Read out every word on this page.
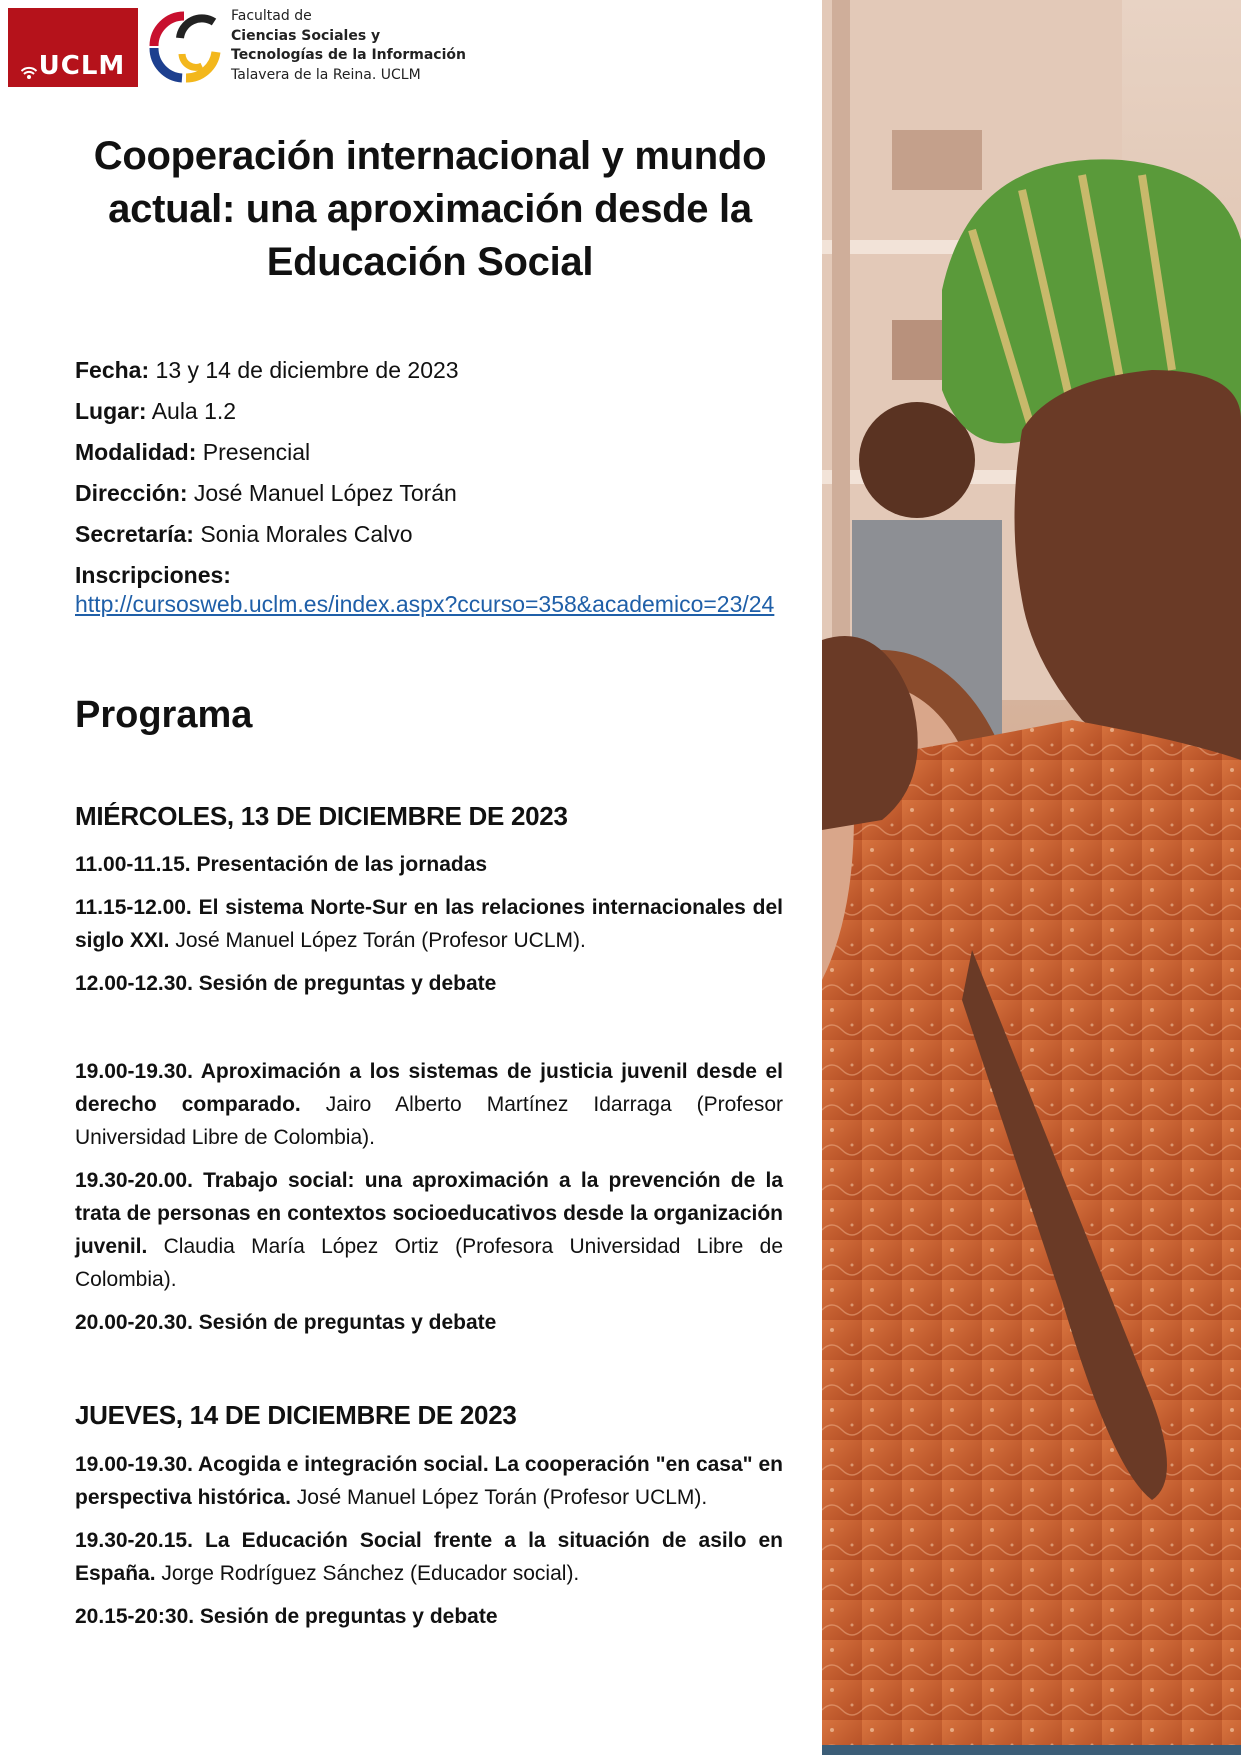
UCLM
Facultad de
Ciencias Sociales y
Tecnologías de la Información
Talavera de la Reina. UCLM
Cooperación internacional y mundo
actual: una aproximación desde la
Educación Social
Fecha: 13 y 14 de diciembre de 2023
Lugar: Aula 1.2
Modalidad: Presencial
Dirección: José Manuel López Torán
Secretaría: Sonia Morales Calvo
Inscripciones:
http://cursosweb.uclm.es/index.aspx?ccurso=358&academico=23/24
Programa
MIÉRCOLES, 13 DE DICIEMBRE DE 2023

11.00-11.15. Presentación de las jornadas

11.15-12.00. El sistema Norte-Sur en las relaciones internacionales del siglo XXI. José Manuel López Torán (Profesor UCLM).

12.00-12.30. Sesión de preguntas y debate

19.00-19.30. Aproximación a los sistemas de justicia juvenil desde el derecho comparado. Jairo Alberto Martínez Idarraga (Profesor Universidad Libre de Colombia).

19.30-20.00. Trabajo social: una aproximación a la prevención de la trata de personas en contextos socioeducativos desde la organización juvenil. Claudia María López Ortiz (Profesora Universidad Libre de Colombia).

20.00-20.30. Sesión de preguntas y debate

JUEVES, 14 DE DICIEMBRE DE 2023

19.00-19.30. Acogida e integración social. La cooperación "en casa" en perspectiva histórica. José Manuel López Torán (Profesor UCLM).

19.30-20.15. La Educación Social frente a la situación de asilo en España. Jorge Rodríguez Sánchez (Educador social).

20.15-20:30. Sesión de preguntas y debate
